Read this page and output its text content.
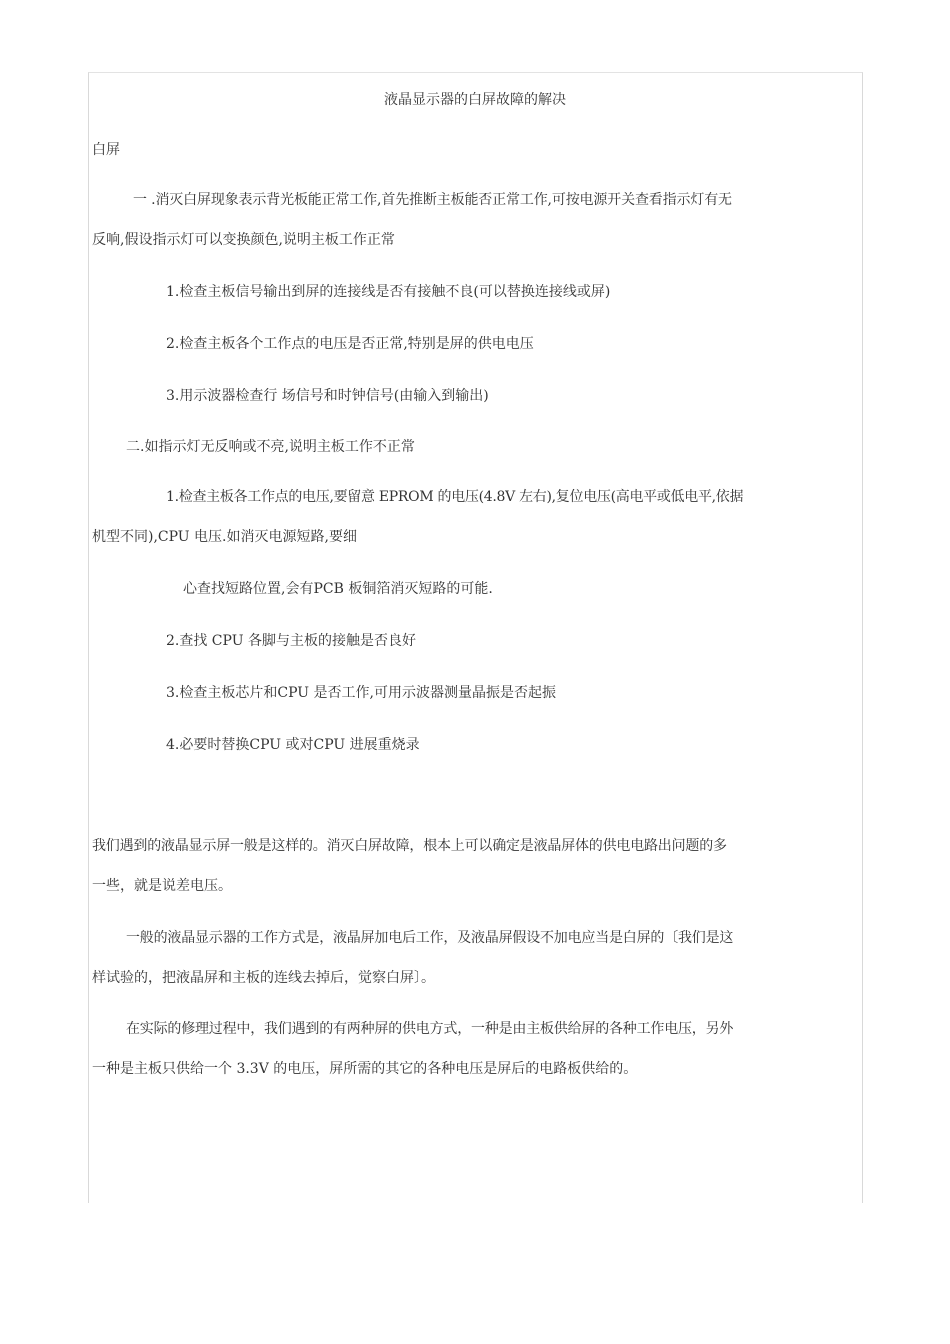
液晶显示器的白屏故障的解决
白屏
一 .消灭白屏现象表示背光板能正常工作,首先推断主板能否正常工作,可按电源开关查看指示灯有无
反响,假设指示灯可以变换颜色,说明主板工作正常
1.检查主板信号输出到屏的连接线是否有接触不良(可以替换连接线或屏)
2.检查主板各个工作点的电压是否正常,特别是屏的供电电压
3.用示波器检查行 场信号和时钟信号(由输入到输出)
二.如指示灯无反响或不亮,说明主板工作不正常
1.检查主板各工作点的电压,要留意 EPROM 的电压(4.8V 左右),复位电压(高电平或低电平,依据
机型不同),CPU 电压.如消灭电源短路,要细
心查找短路位置,会有PCB 板铜箔消灭短路的可能.
2.查找 CPU 各脚与主板的接触是否良好
3.检查主板芯片和CPU 是否工作,可用示波器测量晶振是否起振
4.必要时替换CPU 或对CPU 进展重烧录
我们遇到的液晶显示屏一般是这样的。消灭白屏故障，根本上可以确定是液晶屏体的供电电路出问题的多
一些，就是说差电压。
一般的液晶显示器的工作方式是，液晶屏加电后工作，及液晶屏假设不加电应当是白屏的〔我们是这
样试验的，把液晶屏和主板的连线去掉后，觉察白屏〕。
在实际的修理过程中，我们遇到的有两种屏的供电方式，一种是由主板供给屏的各种工作电压，另外
一种是主板只供给一个 3.3V 的电压，屏所需的其它的各种电压是屏后的电路板供给的。
